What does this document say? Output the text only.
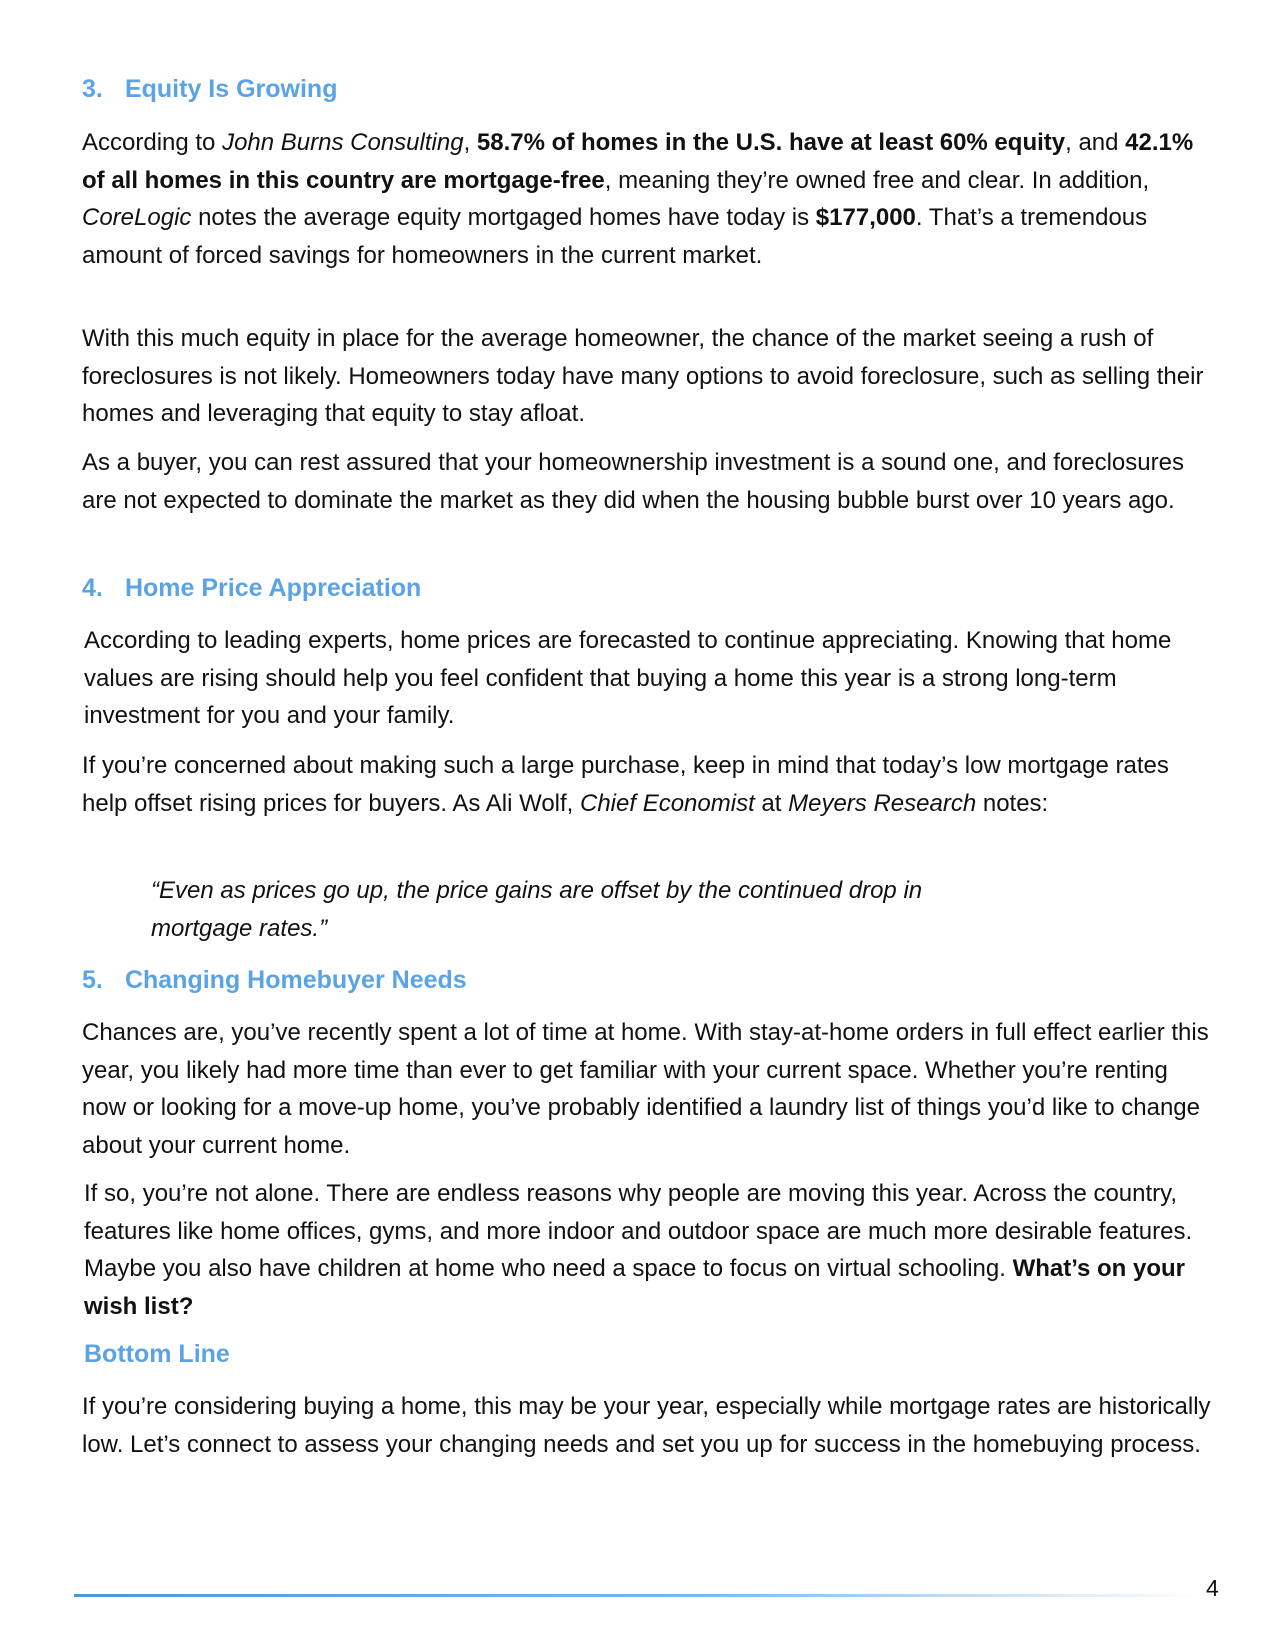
3. Equity Is Growing

According to John Burns Consulting, 58.7% of homes in the U.S. have at least 60% equity, and 42.1% of all homes in this country are mortgage-free, meaning they’re owned free and clear. In addition, CoreLogic notes the average equity mortgaged homes have today is $177,000. That’s a tremendous amount of forced savings for homeowners in the current market.

With this much equity in place for the average homeowner, the chance of the market seeing a rush of foreclosures is not likely. Homeowners today have many options to avoid foreclosure, such as selling their homes and leveraging that equity to stay afloat.

As a buyer, you can rest assured that your homeownership investment is a sound one, and foreclosures are not expected to dominate the market as they did when the housing bubble burst over 10 years ago.

4. Home Price Appreciation

According to leading experts, home prices are forecasted to continue appreciating. Knowing that home values are rising should help you feel confident that buying a home this year is a strong long-term investment for you and your family.

If you’re concerned about making such a large purchase, keep in mind that today’s low mortgage rates help offset rising prices for buyers. As Ali Wolf, Chief Economist at Meyers Research notes:

“Even as prices go up, the price gains are offset by the continued drop in mortgage rates.”

5. Changing Homebuyer Needs

Chances are, you’ve recently spent a lot of time at home. With stay-at-home orders in full effect earlier this year, you likely had more time than ever to get familiar with your current space. Whether you’re renting now or looking for a move-up home, you’ve probably identified a laundry list of things you’d like to change about your current home.

If so, you’re not alone. There are endless reasons why people are moving this year. Across the country, features like home offices, gyms, and more indoor and outdoor space are much more desirable features. Maybe you also have children at home who need a space to focus on virtual schooling. What’s on your wish list?

Bottom Line

If you’re considering buying a home, this may be your year, especially while mortgage rates are historically low. Let’s connect to assess your changing needs and set you up for success in the homebuying process.

4
